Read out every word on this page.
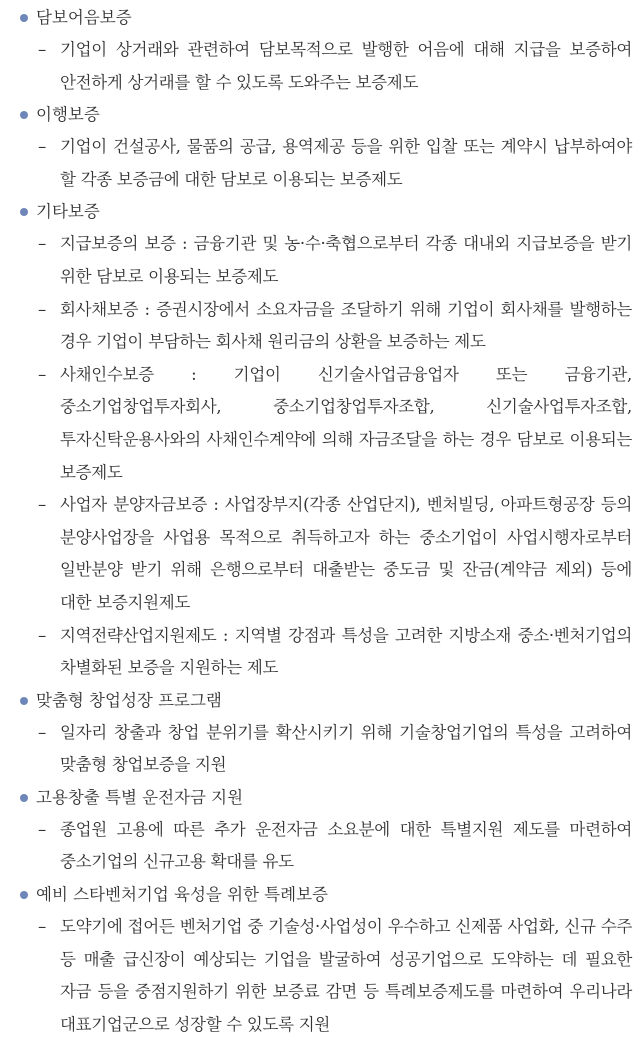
담보어음보증
– 기업이 상거래와 관련하여 담보목적으로 발행한 어음에 대해 지급을 보증하여 안전하게 상거래를 할 수 있도록 도와주는 보증제도
이행보증
– 기업이 건설공사, 물품의 공급, 용역제공 등을 위한 입찰 또는 계약시 납부하여야 할 각종 보증금에 대한 담보로 이용되는 보증제도
기타보증
– 지급보증의 보증 : 금융기관 및 농·수·축협으로부터 각종 대내외 지급보증을 받기 위한 담보로 이용되는 보증제도
– 회사채보증 : 증권시장에서 소요자금을 조달하기 위해 기업이 회사채를 발행하는 경우 기업이 부담하는 회사채 원리금의 상환을 보증하는 제도
– 사채인수보증 : 기업이 신기술사업금융업자 또는 금융기관, 중소기업창업투자회사, 중소기업창업투자조합, 신기술사업투자조합, 투자신탁운용사와의 사채인수계약에 의해 자금조달을 하는 경우 담보로 이용되는 보증제도
– 사업자 분양자금보증 : 사업장부지(각종 산업단지), 벤처빌딩, 아파트형공장 등의 분양사업장을 사업용 목적으로 취득하고자 하는 중소기업이 사업시행자로부터 일반분양 받기 위해 은행으로부터 대출받는 중도금 및 잔금(계약금 제외) 등에 대한 보증지원제도
– 지역전략산업지원제도 : 지역별 강점과 특성을 고려한 지방소재 중소·벤처기업의 차별화된 보증을 지원하는 제도
맞춤형 창업성장 프로그램
– 일자리 창출과 창업 분위기를 확산시키기 위해 기술창업기업의 특성을 고려하여 맞춤형 창업보증을 지원
고용창출 특별 운전자금 지원
– 종업원 고용에 따른 추가 운전자금 소요분에 대한 특별지원 제도를 마련하여 중소기업의 신규고용 확대를 유도
예비 스타벤처기업 육성을 위한 특례보증
– 도약기에 접어든 벤처기업 중 기술성·사업성이 우수하고 신제품 사업화, 신규 수주 등 매출 급신장이 예상되는 기업을 발굴하여 성공기업으로 도약하는 데 필요한 자금 등을 중점지원하기 위한 보증료 감면 등 특례보증제도를 마련하여 우리나라 대표기업군으로 성장할 수 있도록 지원
